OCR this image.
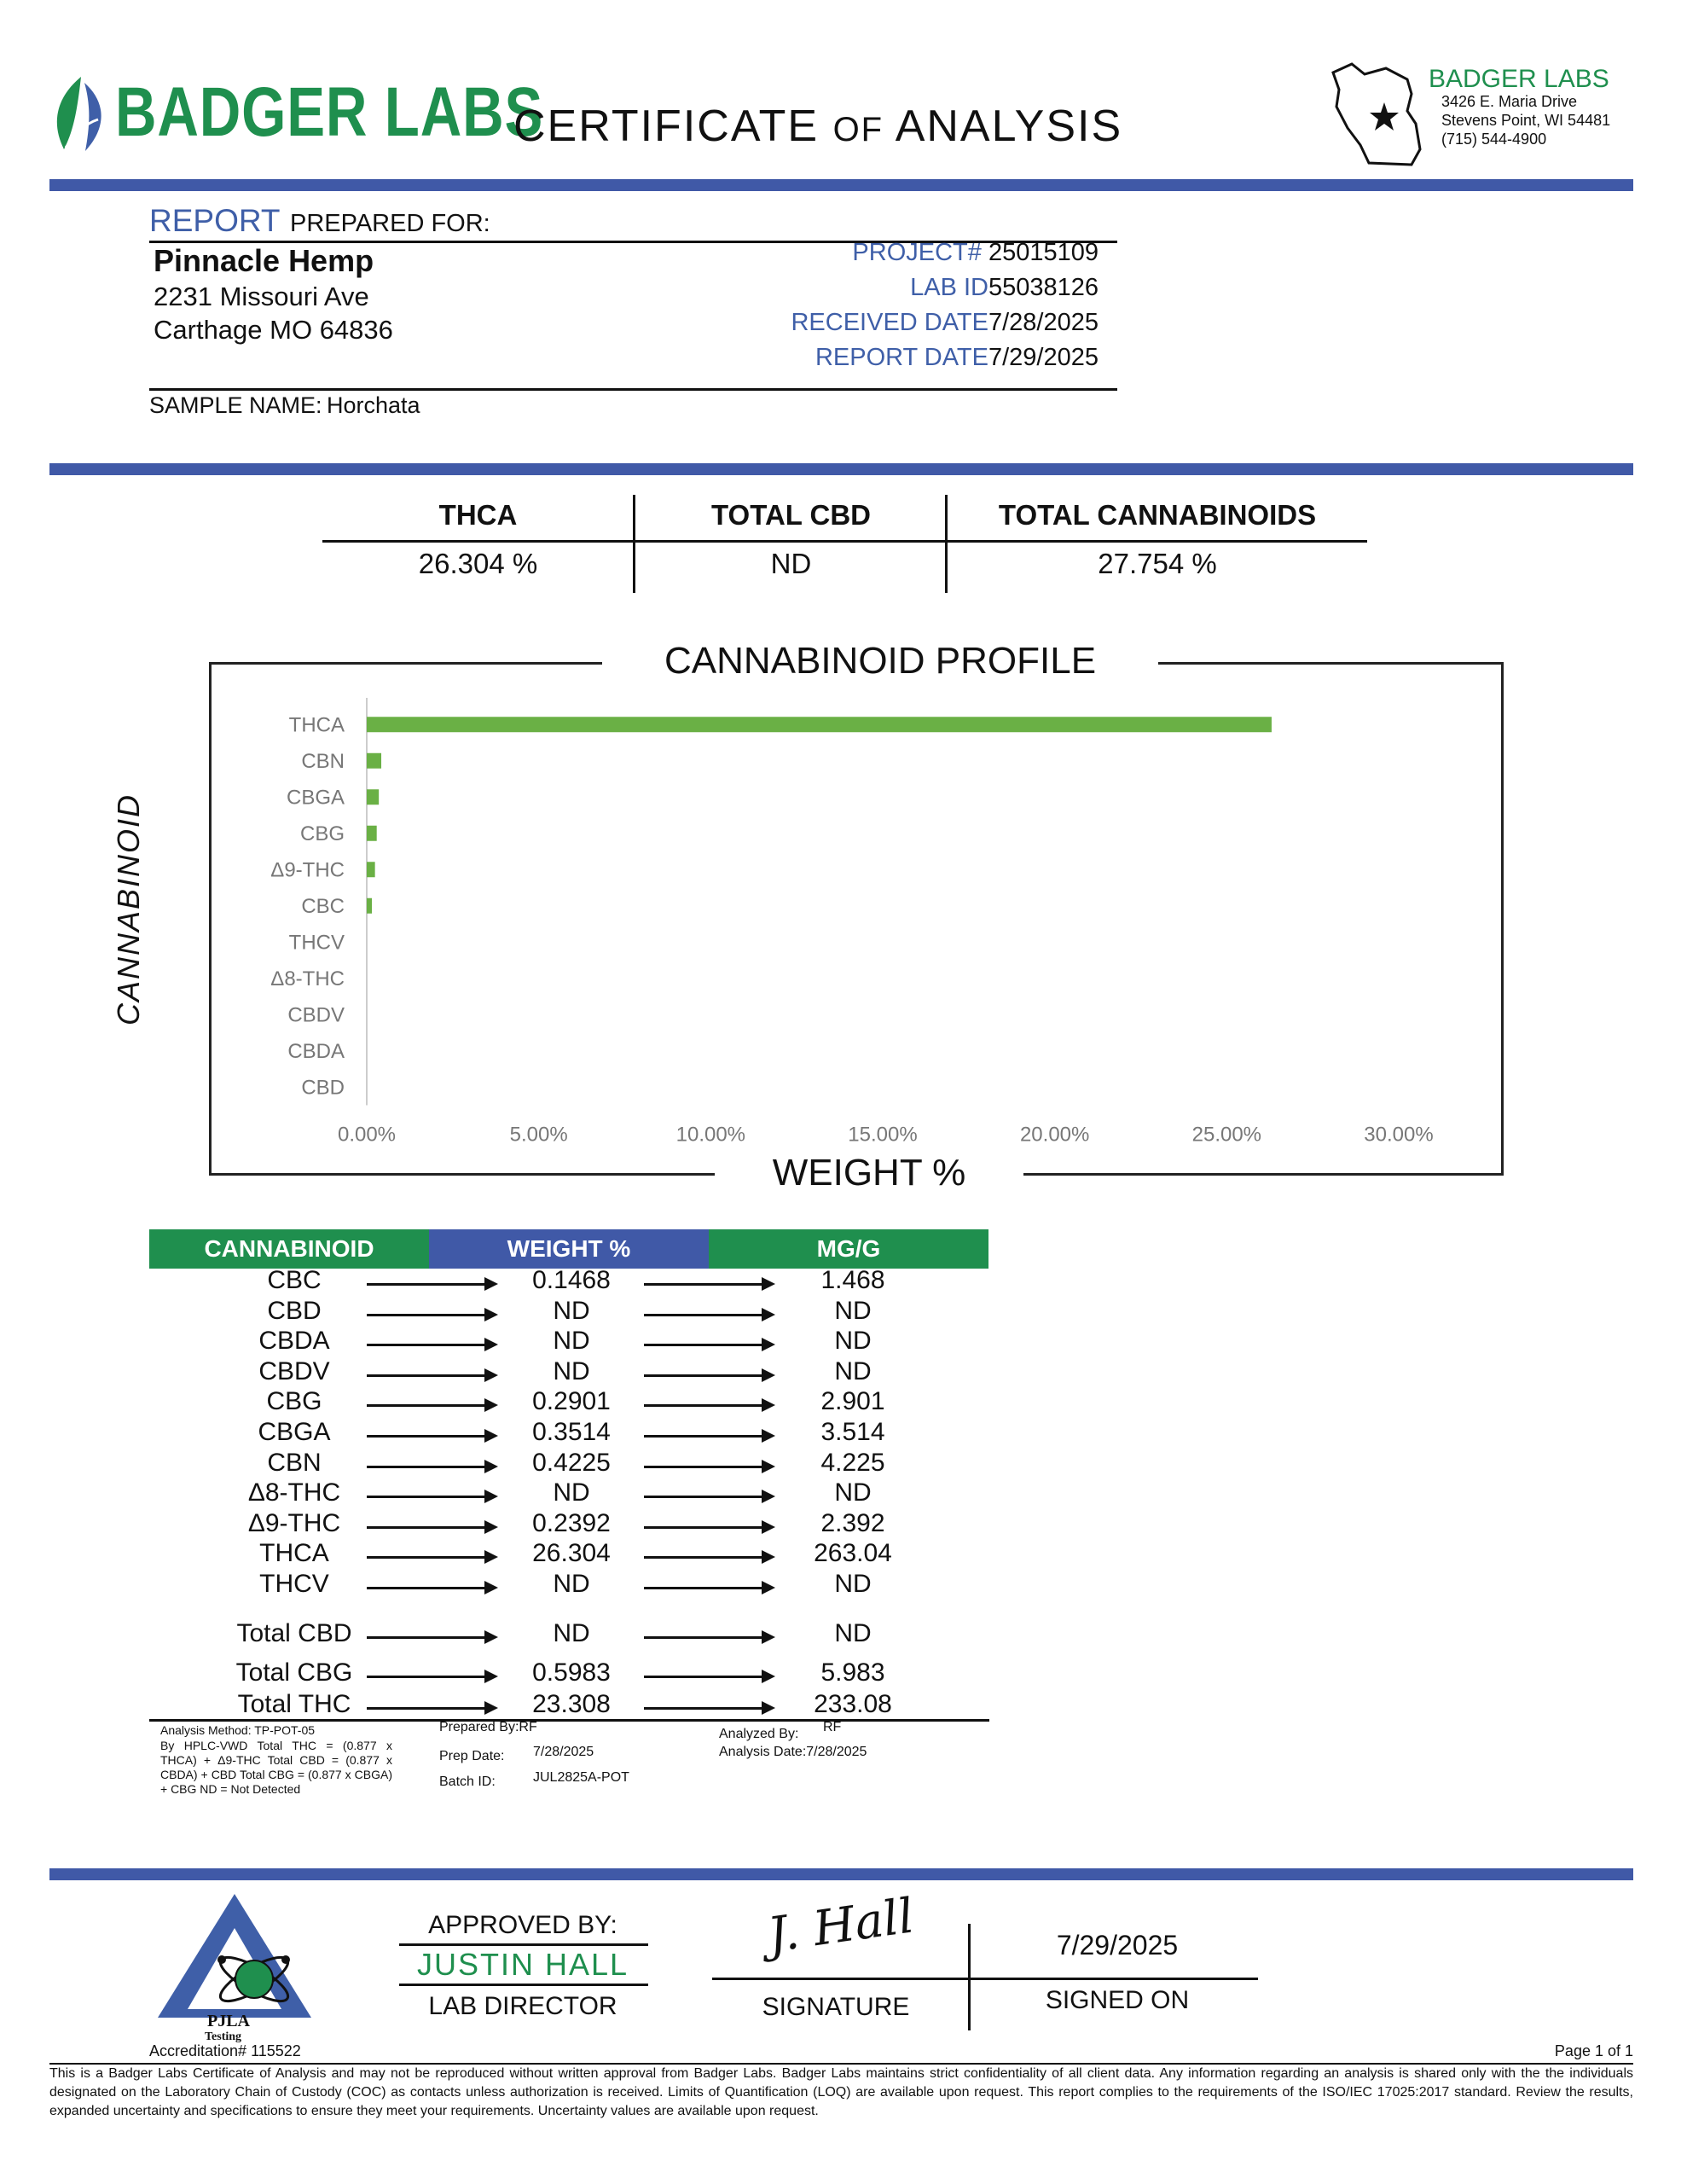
BADGER LABS
CERTIFICATE OF ANALYSIS
BADGER LABS
3426 E. Maria Drive
Stevens Point, WI 54481
(715) 544-4900
REPORT PREPARED FOR:
Pinnacle Hemp
2231 Missouri Ave
Carthage MO 64836
PROJECT# 25015109
LAB ID55038126
RECEIVED DATE7/28/2025
REPORT DATE7/29/2025
SAMPLE NAME: Horchata
THCA	TOTAL CBD	TOTAL CANNABINOIDS
26.304 %	ND	27.754 %
CANNABINOID PROFILE
WEIGHT %
CANNABINOID
THCA
CBN
CBGA
CBG
Δ9-THC
CBC
THCV
Δ8-THC
CBDV
CBDA
CBD
0.00%	5.00%	10.00%	15.00%	20.00%	25.00%	30.00%
CANNABINOID	WEIGHT %	MG/G
CBC	0.1468	1.468
CBD	ND	ND
CBDA	ND	ND
CBDV	ND	ND
CBG	0.2901	2.901
CBGA	0.3514	3.514
CBN	0.4225	4.225
Δ8-THC	ND	ND
Δ9-THC	0.2392	2.392
THCA	26.304	263.04
THCV	ND	ND
Total CBD	ND	ND
Total CBG	0.5983	5.983
Total THC	23.308	233.08
Analysis Method: TP-POT-05
By HPLC-VWD Total THC = (0.877 x THCA) + Δ9-THC Total CBD = (0.877 x CBDA) + CBD Total CBG = (0.877 x CBGA) + CBG ND = Not Detected
Prepared By:RF
Prep Date: 7/28/2025
Batch ID:	JUL2825A-POT
Analyzed By: RF
Analysis Date:7/28/2025
PJLA
Testing
Accreditation# 115522
APPROVED BY:
JUSTIN HALL
LAB DIRECTOR
J. Hall
SIGNATURE
7/29/2025
SIGNED ON
Page 1 of 1
This is a Badger Labs Certificate of Analysis and may not be reproduced without written approval from Badger Labs. Badger Labs maintains strict confidentiality of all client data. Any information regarding an analysis is shared only with the the individuals designated on the Laboratory Chain of Custody (COC) as contacts unless authorization is received. Limits of Quantification (LOQ) are available upon request. This report complies to the requirements of the ISO/IEC 17025:2017 standard. Review the results, expanded uncertainty and specifications to ensure they meet your requirements. Uncertainty values are available upon request.
